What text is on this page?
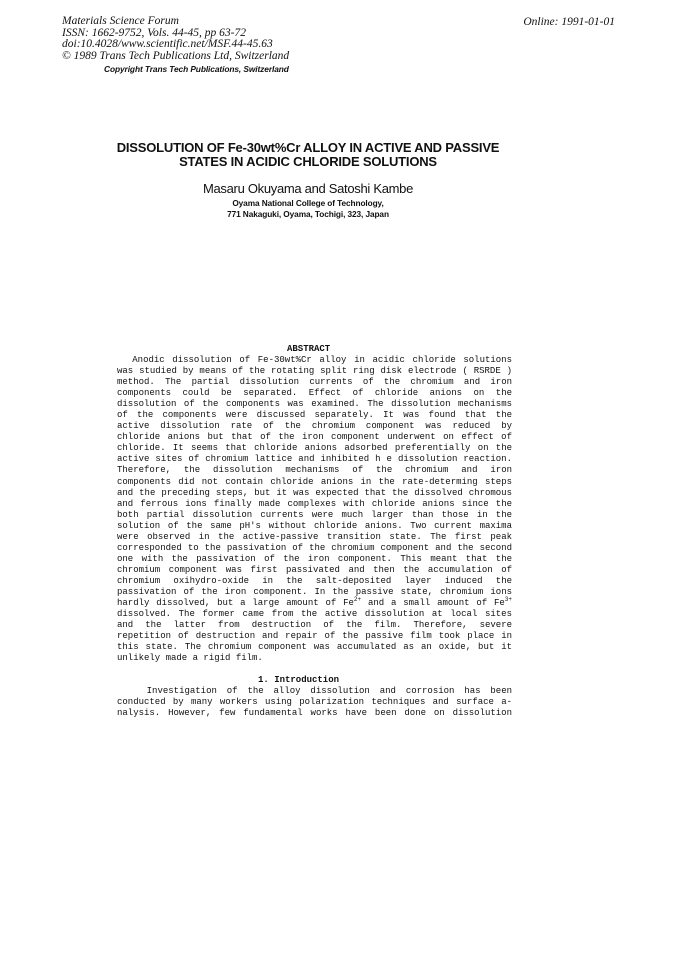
Materials Science Forum
ISSN: 1662-9752, Vols. 44-45, pp 63-72
doi:10.4028/www.scientific.net/MSF.44-45.63
© 1989 Trans Tech Publications Ltd, Switzerland
Copyright Trans Tech Publications, Switzerland
Online: 1991-01-01
DISSOLUTION OF Fe-30wt%Cr ALLOY IN ACTIVE AND PASSIVE
STATES IN ACIDIC CHLORIDE SOLUTIONS
Masaru Okuyama and Satoshi Kambe
Oyama National College of Technology,
771 Nakaguki, Oyama, Tochigi, 323, Japan
ABSTRACT
Anodic dissolution of Fe-30wt%Cr alloy in acidic chloride solutions
was studied by means of the rotating split ring disk electrode ( RSRDE )
method. The partial dissolution currents of the chromium and iron
components could be separated. Effect of chloride anions on the
dissolution of the components was examined. The dissolution mechanisms
of the components were discussed separately. It was found that the
active dissolution rate of the chromium component was reduced by
chloride anions but that of the iron component underwent on effect of
chloride. It seems that chloride anions adsorbed preferentially on the
active sites of chromium lattice and inhibited h e dissolution reaction.
Therefore, the dissolution mechanisms of the chromium and iron
components did not contain chloride anions in the rate-determing steps
and the preceding steps, but it was expected that the dissolved chromous
and ferrous ions finally made complexes with chloride anions since the
both partial dissolution currents were much larger than those in the
solution of the same pH's without chloride anions. Two current maxima
were observed in the active-passive transition state. The first peak
corresponded to the passivation of the chromium component and the second
one with the passivation of the iron component. This meant that the
chromium component was first passivated and then the accumulation of
chromium oxihydro-oxide in the salt-deposited layer induced the
passivation of the iron component. In the passive state, chromium ions
hardly dissolved, but a large amount of $Fe^{2+}$ and a small amount of $Fe^{3+}$
dissolved. The former came from the active dissolution at local sites
and the latter from destruction of the film. Therefore, severe
repetition of destruction and repair of the passive film took place in
this state. The chromium component was accumulated as an oxide, but it
unlikely made a rigid film.
1. Introduction
Investigation of the alloy dissolution and corrosion has been
conducted by many workers using polarization techniques and surface a-
nalysis. However, few fundamental works have been done on dissolution
